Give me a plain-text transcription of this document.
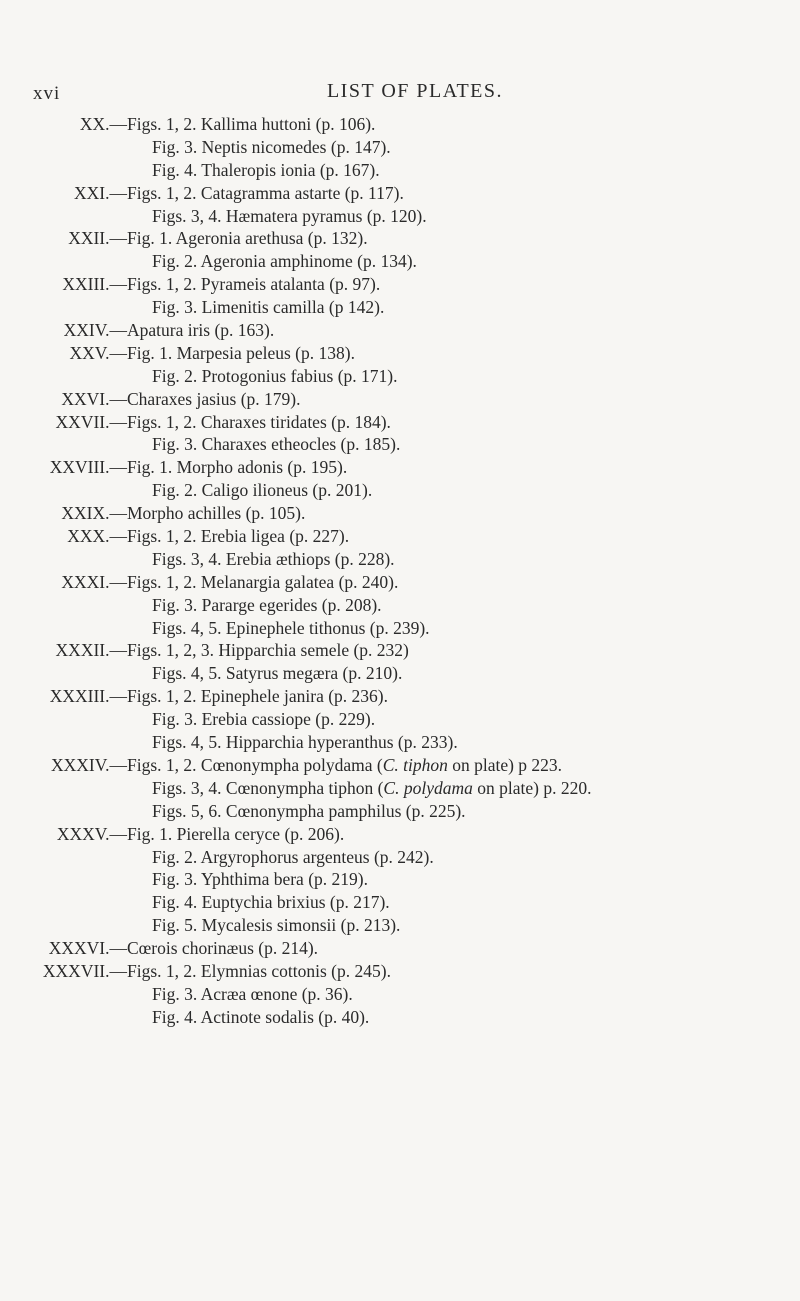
xvi	LIST OF PLATES.
XX.— Figs. 1, 2. Kallima huttoni (p. 106).
Fig. 3. Neptis nicomedes (p. 147).
Fig. 4. Thaleropis ionia (p. 167).
XXI.— Figs. 1, 2. Catagramma astarte (p. 117).
Figs. 3, 4. Hæmatera pyramus (p. 120).
XXII.— Fig. 1. Ageronia arethusa (p. 132).
Fig. 2. Ageronia amphinome (p. 134).
XXIII.— Figs. 1, 2. Pyrameis atalanta (p. 97).
Fig. 3. Limenitis camilla (p 142).
XXIV.— Apatura iris (p. 163).
XXV.— Fig. 1. Marpesia peleus (p. 138).
Fig. 2. Protogonius fabius (p. 171).
XXVI.— Charaxes jasius (p. 179).
XXVII.— Figs. 1, 2. Charaxes tiridates (p. 184).
Fig. 3. Charaxes etheocles (p. 185).
XXVIII.— Fig. 1. Morpho adonis (p. 195).
Fig. 2. Caligo ilioneus (p. 201).
XXIX.— Morpho achilles (p. 105).
XXX.— Figs. 1, 2. Erebia ligea (p. 227).
Figs. 3, 4. Erebia æthiops (p. 228).
XXXI.— Figs. 1, 2. Melanargia galatea (p. 240).
Fig. 3. Pararge egerides (p. 208).
Figs. 4, 5. Epinephele tithonus (p. 239).
XXXII.— Figs. 1, 2, 3. Hipparchia semele (p. 232)
Figs. 4, 5. Satyrus megæra (p. 210).
XXXIII.— Figs. 1, 2. Epinephele janira (p. 236).
Fig. 3. Erebia cassiope (p. 229).
Figs. 4, 5. Hipparchia hyperanthus (p. 233).
XXXIV.— Figs. 1, 2. Cœnonympha polydama (C. tiphon on plate) p 223.
Figs. 3, 4. Cœnonympha tiphon (C. polydama on plate) p. 220.
Figs. 5, 6. Cœnonympha pamphilus (p. 225).
XXXV.— Fig. 1. Pierella ceryce (p. 206).
Fig. 2. Argyrophorus argenteus (p. 242).
Fig. 3. Yphthima bera (p. 219).
Fig. 4. Euptychia brixius (p. 217).
Fig. 5. Mycalesis simonsii (p. 213).
XXXVI.— Cœrois chorinæus (p. 214).
XXXVII.— Figs. 1, 2. Elymnias cottonis (p. 245).
Fig. 3. Acræa œnone (p. 36).
Fig. 4. Actinote sodalis (p. 40).
